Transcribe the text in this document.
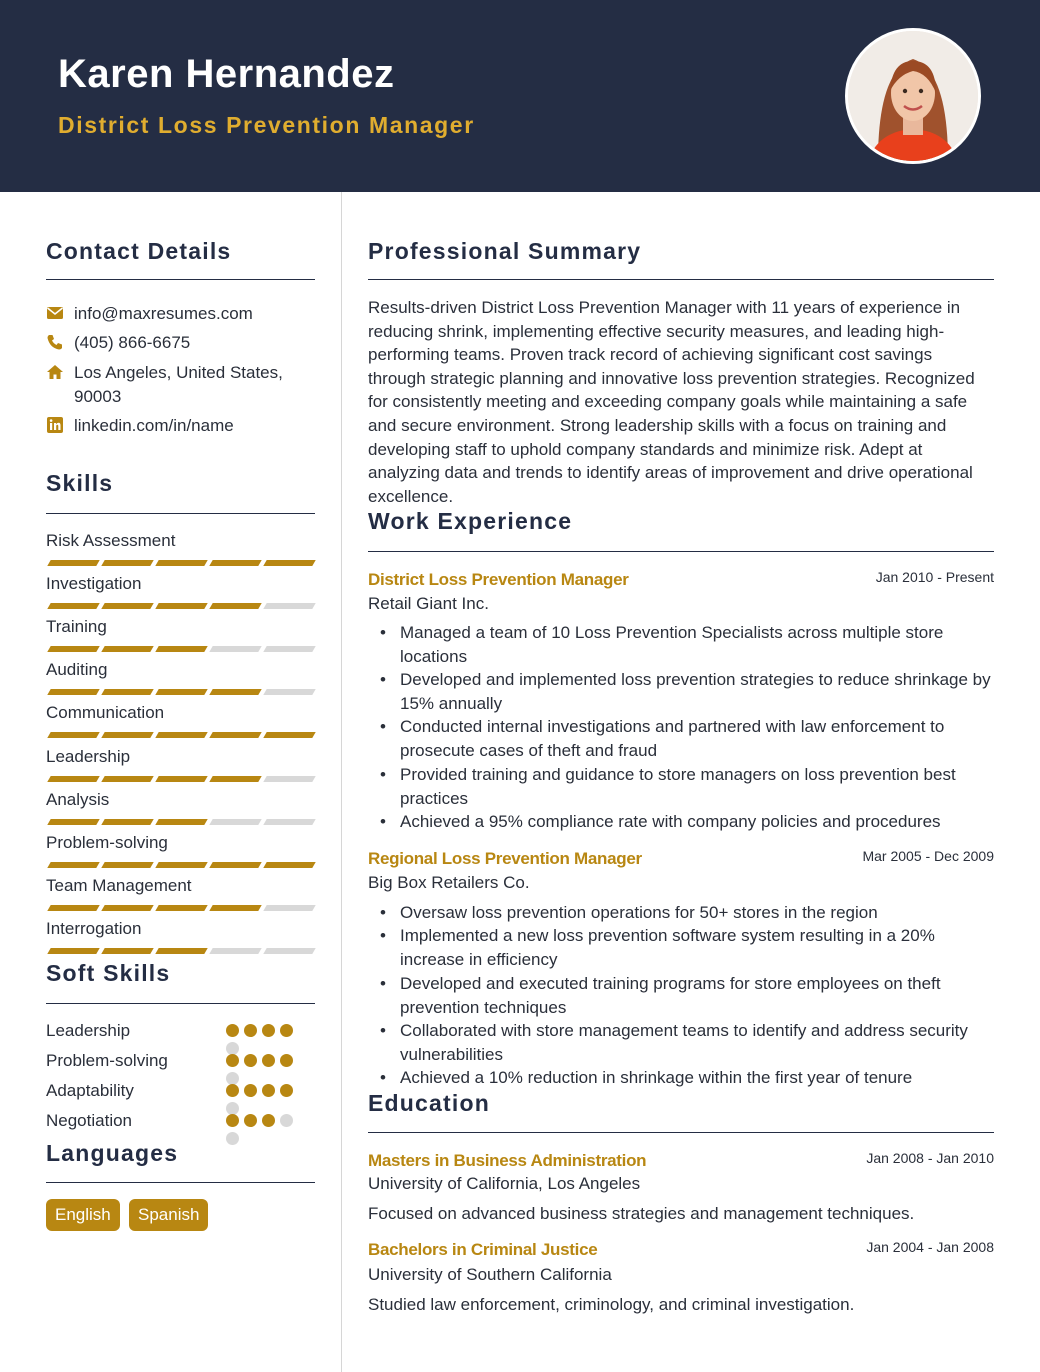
Karen Hernandez
District Loss Prevention Manager
Contact Details
info@maxresumes.com
(405) 866-6675
Los Angeles, United States, 90003
linkedin.com/in/name
Skills
Risk Assessment
Investigation
Training
Auditing
Communication
Leadership
Analysis
Problem-solving
Team Management
Interrogation
Soft Skills
Leadership
Problem-solving
Adaptability
Negotiation
Languages
English	Spanish
Professional Summary
Results-driven District Loss Prevention Manager with 11 years of experience in reducing shrink, implementing effective security measures, and leading high-performing teams. Proven track record of achieving significant cost savings through strategic planning and innovative loss prevention strategies. Recognized for consistently meeting and exceeding company goals while maintaining a safe and secure environment. Strong leadership skills with a focus on training and developing staff to uphold company standards and minimize risk. Adept at analyzing data and trends to identify areas of improvement and drive operational excellence.
Work Experience
District Loss Prevention Manager	Jan 2010 - Present
Retail Giant Inc.
• Managed a team of 10 Loss Prevention Specialists across multiple store locations
• Developed and implemented loss prevention strategies to reduce shrinkage by 15% annually
• Conducted internal investigations and partnered with law enforcement to prosecute cases of theft and fraud
• Provided training and guidance to store managers on loss prevention best practices
• Achieved a 95% compliance rate with company policies and procedures
Regional Loss Prevention Manager	Mar 2005 - Dec 2009
Big Box Retailers Co.
• Oversaw loss prevention operations for 50+ stores in the region
• Implemented a new loss prevention software system resulting in a 20% increase in efficiency
• Developed and executed training programs for store employees on theft prevention techniques
• Collaborated with store management teams to identify and address security vulnerabilities
• Achieved a 10% reduction in shrinkage within the first year of tenure
Education
Masters in Business Administration	Jan 2008 - Jan 2010
University of California, Los Angeles
Focused on advanced business strategies and management techniques.
Bachelors in Criminal Justice	Jan 2004 - Jan 2008
University of Southern California
Studied law enforcement, criminology, and criminal investigation.
